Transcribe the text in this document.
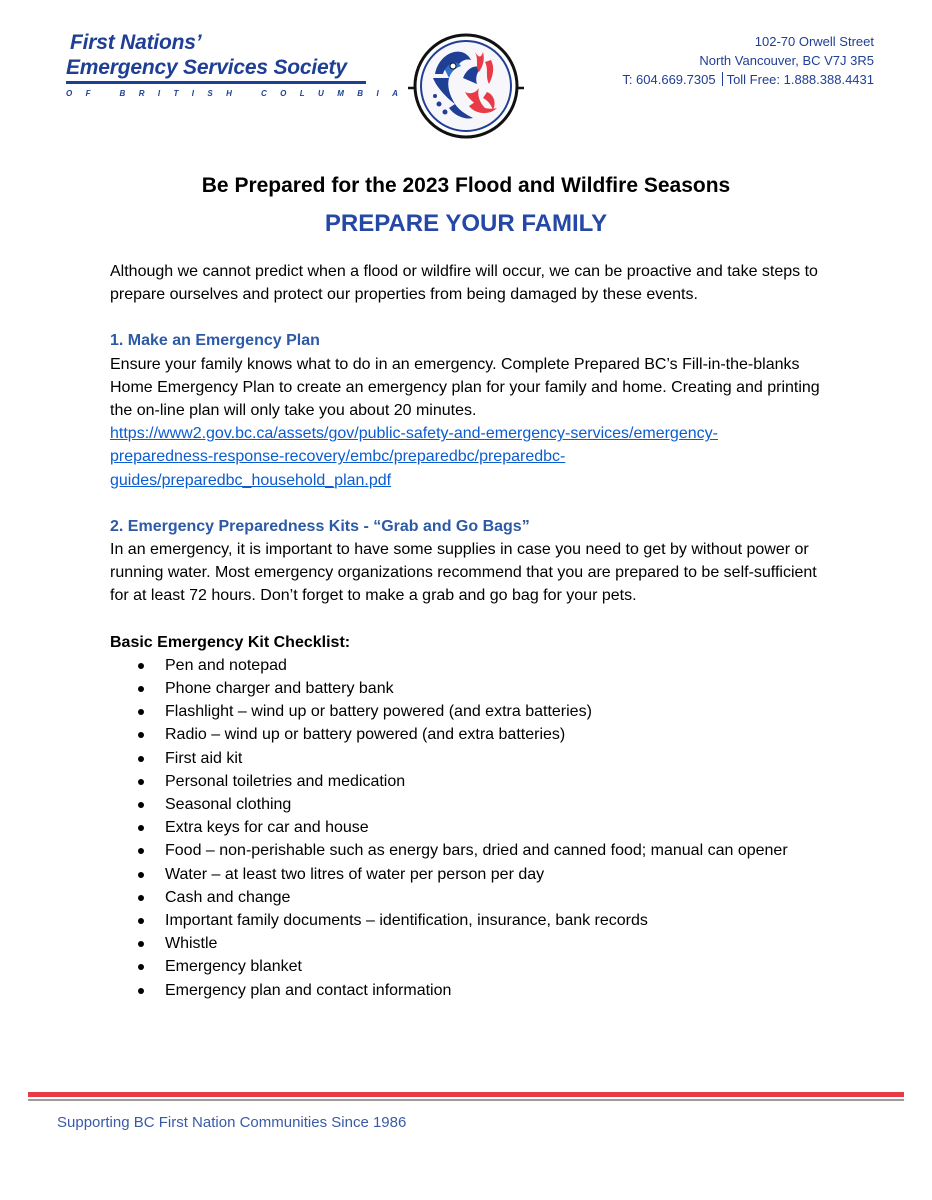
First Nations’
Emergency Services Society
OF BRITISH COLUMBIA
102-70 Orwell Street
North Vancouver, BC V7J 3R5
T: 604.669.7305 Toll Free: 1.888.388.4431
Be Prepared for the 2023 Flood and Wildfire Seasons
PREPARE YOUR FAMILY

Although we cannot predict when a flood or wildfire will occur, we can be proactive and take steps to prepare ourselves and protect our properties from being damaged by these events.

1. Make an Emergency Plan

Ensure your family knows what to do in an emergency. Complete Prepared BC’s Fill-in-the-blanks Home Emergency Plan to create an emergency plan for your family and home. Creating and printing the on-line plan will only take you about 20 minutes.

https://www2.gov.bc.ca/assets/gov/public-safety-and-emergency-services/emergency-
preparedness-response-recovery/embc/preparedbc/preparedbc-
guides/preparedbc_household_plan.pdf

2. Emergency Preparedness Kits - “Grab and Go Bags”

In an emergency, it is important to have some supplies in case you need to get by without power or running water. Most emergency organizations recommend that you are prepared to be self-sufficient for at least 72 hours. Don’t forget to make a grab and go bag for your pets.

Basic Emergency Kit Checklist:

Pen and notepad
Phone charger and battery bank
Flashlight – wind up or battery powered (and extra batteries)
Radio – wind up or battery powered (and extra batteries)
First aid kit
Personal toiletries and medication
Seasonal clothing
Extra keys for car and house
Food – non-perishable such as energy bars, dried and canned food; manual can opener
Water – at least two litres of water per person per day
Cash and change
Important family documents – identification, insurance, bank records
Whistle
Emergency blanket
Emergency plan and contact information
Supporting BC First Nation Communities Since 1986
